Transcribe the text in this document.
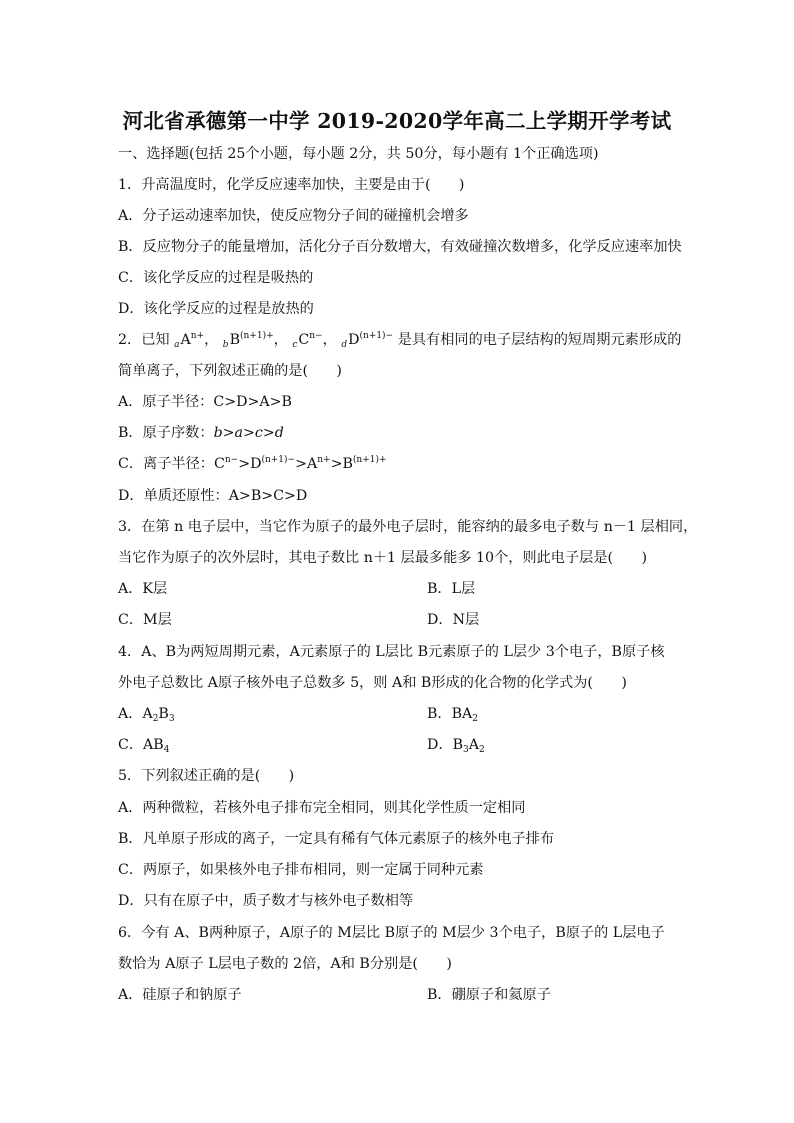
河北省承德第一中学 2019-2020学年高二上学期开学考试
一、选择题(包括 25个小题，每小题 2分，共 50分，每小题有 1个正确选项)
1．升高温度时，化学反应速率加快，主要是由于(　　)
A．分子运动速率加快，使反应物分子间的碰撞机会增多
B．反应物分子的能量增加，活化分子百分数增大，有效碰撞次数增多，化学反应速率加快
C．该化学反应的过程是吸热的
D．该化学反应的过程是放热的
2．已知 $_aA^{n+}$， $_bB^{(n+1)+}$， $_cC^{n-}$， $_dD^{(n+1)-}$ 是具有相同的电子层结构的短周期元素形成的
简单离子，下列叙述正确的是(　　)
A．原子半径：C>D>A>B
B．原子序数：b>a>c>d
C．离子半径：$C^{n-}>D^{(n+1)-}>A^{n+}>B^{(n+1)+}$
D．单质还原性：A>B>C>D
3．在第 n 电子层中，当它作为原子的最外电子层时，能容纳的最多电子数与 n－1 层相同，
当它作为原子的次外层时，其电子数比 n＋1 层最多能多 10个，则此电子层是(　　)
A．K层	B．L层
C．M层	D．N层
4．A、B为两短周期元素，A元素原子的 L层比 B元素原子的 L层少 3个电子，B原子核
外电子总数比 A原子核外电子总数多 5，则 A和 B形成的化合物的化学式为(　　)
A．$A_2B_3$	B．$BA_2$
C．$AB_4$	D．$B_3A_2$
5．下列叙述正确的是(　　)
A．两种微粒，若核外电子排布完全相同，则其化学性质一定相同
B．凡单原子形成的离子，一定具有稀有气体元素原子的核外电子排布
C．两原子，如果核外电子排布相同，则一定属于同种元素
D．只有在原子中，质子数才与核外电子数相等
6．今有 A、B两种原子，A原子的 M层比 B原子的 M层少 3个电子，B原子的 L层电子
数恰为 A原子 L层电子数的 2倍，A和 B分别是(　　)
A．硅原子和钠原子	B．硼原子和氦原子
